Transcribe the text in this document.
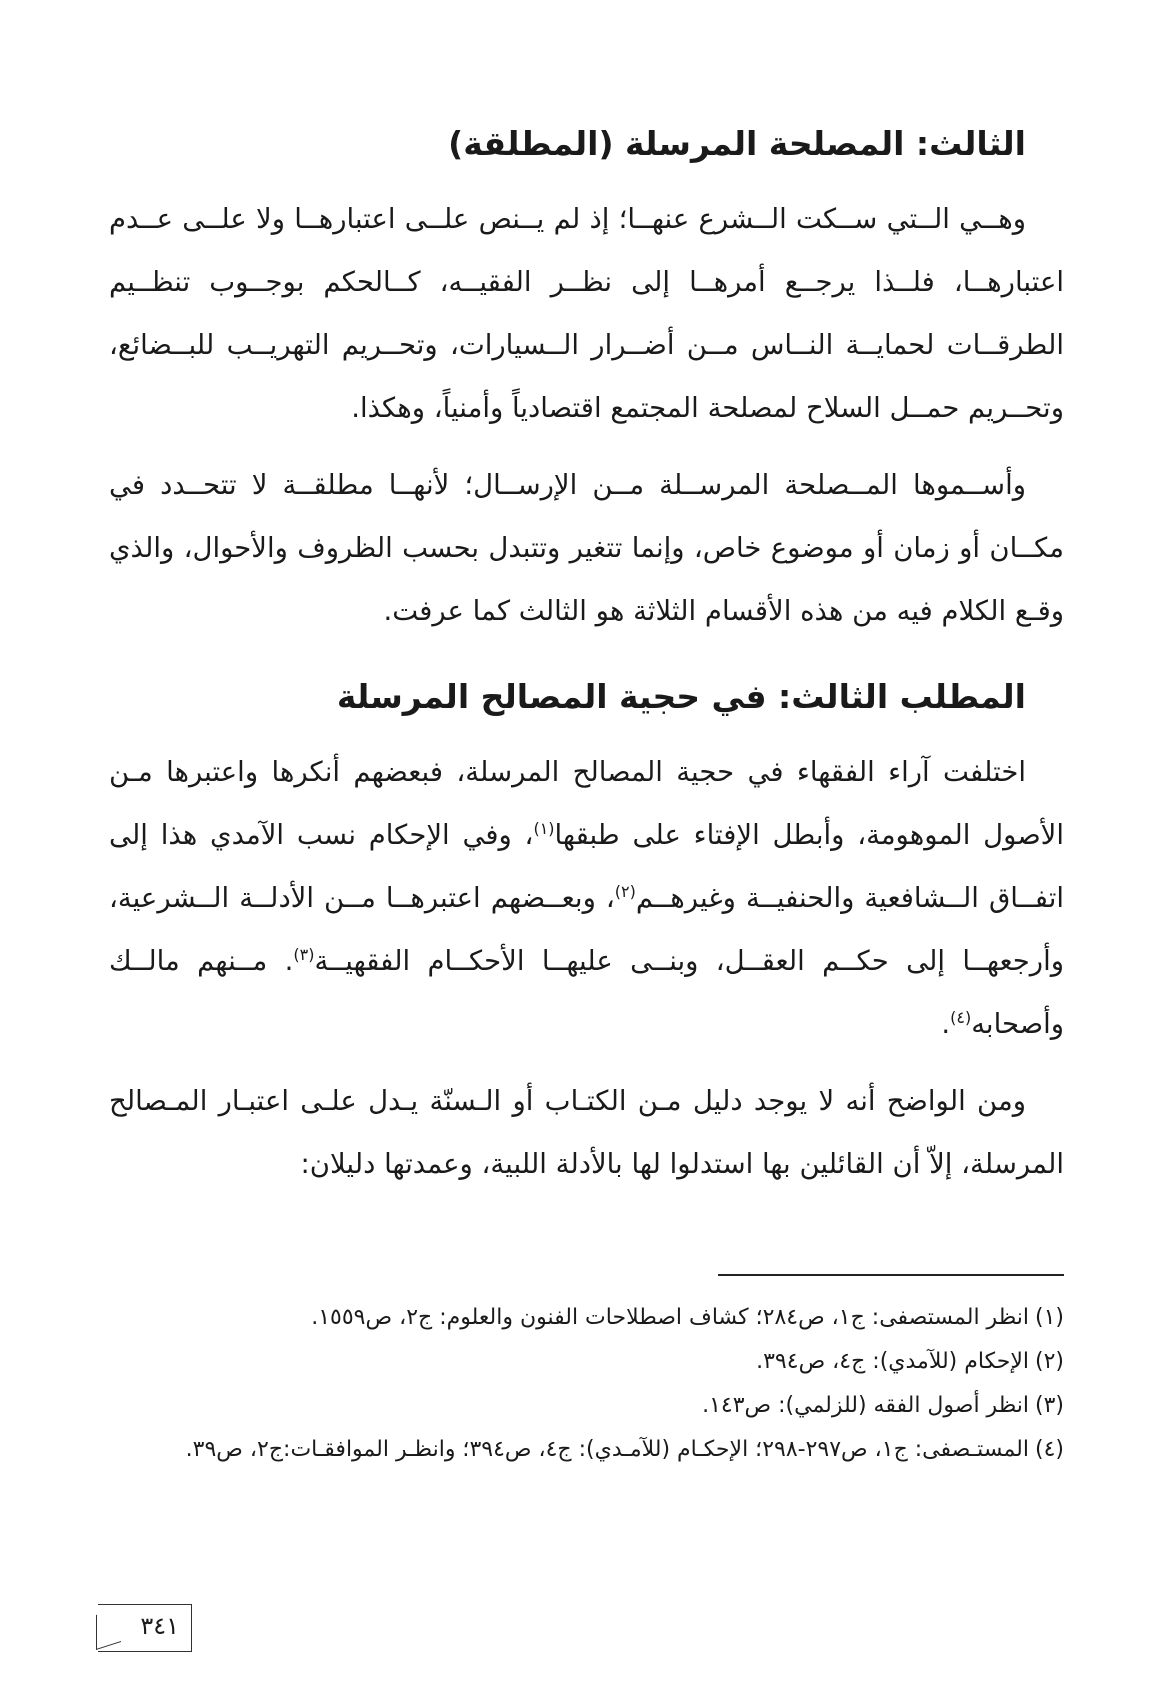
الثالث: المصلحة المرسلة (المطلقة)

وهــي الــتي ســكت الــشرع عنهــا؛ إذ لم يــنص علــى اعتبارهــا ولا علــى عــدم اعتبارهــا، فلــذا يرجــع أمرهــا إلى نظــر الفقيــه، كــالحكم بوجــوب تنظــيم الطرقــات لحمايــة النــاس مــن أضــرار الــسيارات، وتحــريم التهريــب للبــضائع، وتحــريم حمــل السلاح لمصلحة المجتمع اقتصادياً وأمنياً، وهكذا.

وأســموها المــصلحة المرســلة مــن الإرســال؛ لأنهــا مطلقــة لا تتحــدد في مكــان أو زمان أو موضوع خاص، وإنما تتغير وتتبدل بحسب الظروف والأحوال، والذي وقـع الكلام فيه من هذه الأقسام الثلاثة هو الثالث كما عرفت.

المطلب الثالث: في حجية المصالح المرسلة

اختلفت آراء الفقهاء في حجية المصالح المرسلة، فبعضهم أنكرها واعتبرها مـن الأصول الموهومة، وأبطل الإفتاء على طبقها$^{(١)}$، وفي الإحكام نسب الآمدي هذا إلى اتفــاق الــشافعية والحنفيــة وغيرهــم$^{(٢)}$، وبعــضهم اعتبرهــا مــن الأدلــة الــشرعية، وأرجعهــا إلى حكــم العقــل، وبنــى عليهــا الأحكــام الفقهيــة$^{(٣)}$. مــنهم مالــك وأصحابه$^{(٤)}$.

ومن الواضح أنه لا يوجد دليل مـن الكتـاب أو الـسنّة يـدل علـى اعتبـار المـصالح المرسلة، إلاّ أن القائلين بها استدلوا لها بالأدلة اللبية، وعمدتها دليلان:

(١)انظر المستصفى: ج١، ص٢٨٤؛ كشاف اصطلاحات الفنون والعلوم: ج٢، ص١٥٥٩.
(٢)الإحكام (للآمدي): ج٤، ص٣٩٤.
(٣)انظر أصول الفقه (للزلمي): ص١٤٣.
(٤)المستـصفى: ج١، ص٢٩٧-٢٩٨؛ الإحكـام (للآمـدي): ج٤، ص٣٩٤؛ وانظـر الموافقـات:ج٢، ص٣٩.
٣٤١
